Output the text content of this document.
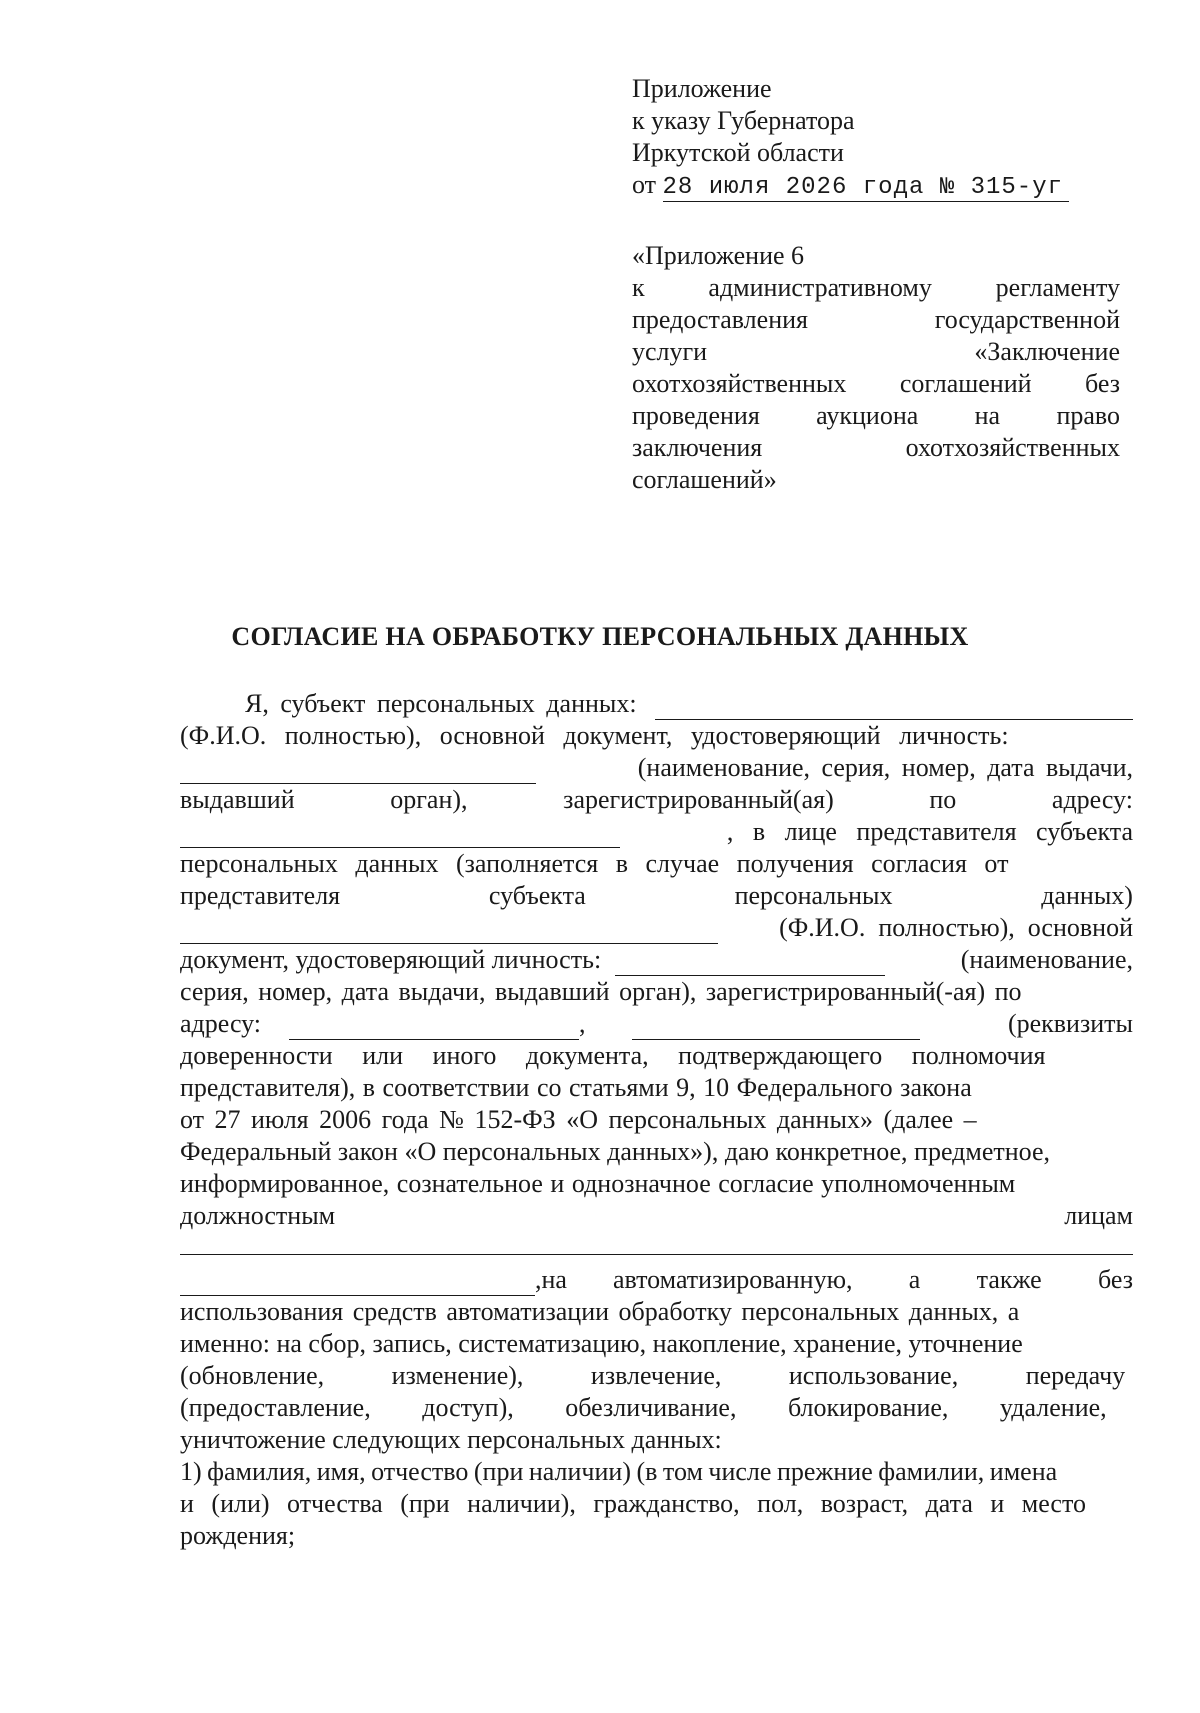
Приложение
к указу Губернатора
Иркутской области
от 28 июля 2026 года № 315-уг
«Приложение 6
к административному регламенту
предоставления	государственной
услуги	«Заключение
охотхозяйственных соглашений без
проведения аукциона на право
заключения	охотхозяйственных
соглашений»
СОГЛАСИЕ НА ОБРАБОТКУ ПЕРСОНАЛЬНЫХ ДАННЫХ
Я, субъект персональных данных:
(Ф.И.О. полностью), основной документ, удостоверяющий личность:
(наименование, серия, номер, дата выдачи,
выдавший	орган),	зарегистрированный(ая)	по	адресу:
,   в   лице   представителя   субъекта
персональных данных (заполняется в случае получения согласия от
представителя	субъекта	персональных	данных)
(Ф.И.О.  полностью),  основной
документ, удостоверяющий личность:	(наименование,
серия, номер, дата выдачи, выдавший орган), зарегистрированный(-ая) по
адресу:	,	(реквизиты
доверенности или иного документа, подтверждающего полномочия
представителя), в соответствии со статьями 9, 10 Федерального закона
от 27 июля 2006 года № 152-ФЗ «О персональных данных» (далее –
Федеральный закон «О персональных данных»), даю конкретное, предметное,
информированное, сознательное и однозначное согласие уполномоченным
должностным	лицам
,на автоматизированную, а также без
использования средств автоматизации обработку персональных данных, а
именно: на сбор, запись, систематизацию, накопление, хранение, уточнение
(обновление, изменение), извлечение, использование, передачу
(предоставление, доступ), обезличивание, блокирование, удаление,
уничтожение следующих персональных данных:
1) фамилия, имя, отчество (при наличии) (в том числе прежние фамилии, имена
и (или) отчества (при наличии), гражданство, пол, возраст, дата и место
рождения;
